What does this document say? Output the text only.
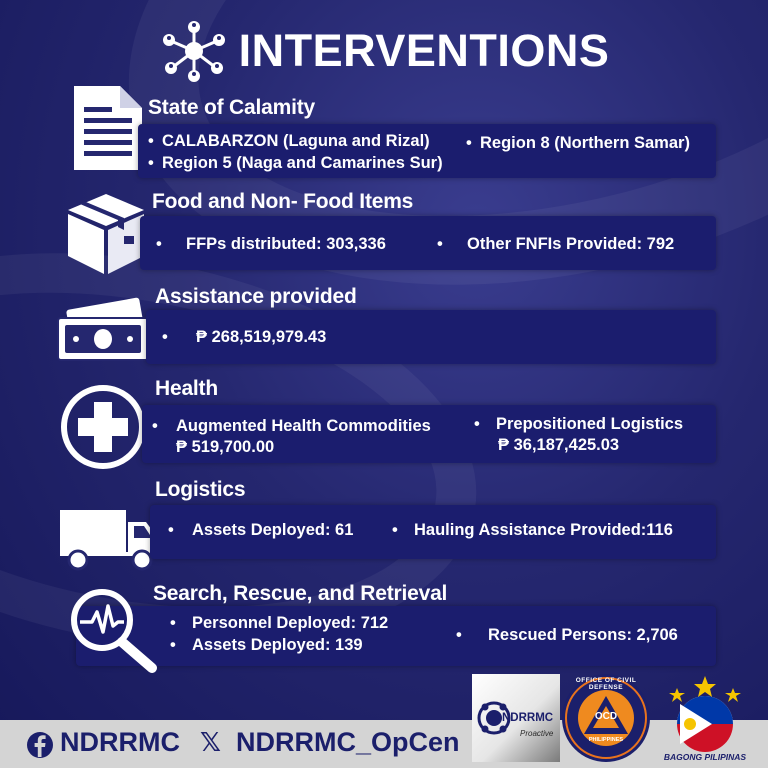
INTERVENTIONS
State of Calamity
• CALABARZON (Laguna and Rizal)
• Region 5 (Naga and Camarines Sur)
• Region 8 (Northern Samar)
Food and Non- Food Items
• FFPs distributed: 303,336	• Other FNFIs Provided: 792
Assistance provided
• ₱ 268,519,979.43
Health
• Augmented Health Commodities
₱ 519,700.00
• Prepositioned Logistics
₱ 36,187,425.03
Logistics
• Assets Deployed: 61 • Hauling Assistance Provided:116
Search, Rescue, and Retrieval
• Personnel Deployed: 712
• Assets Deployed: 139
• Rescued Persons: 2,706
NDRRMC 𝕏 NDRRMC_OpCen
NDRRMC
Proactive
OFFICE OF CIVIL DEFENSE
OCD
PHILIPPINES
BAGONG PILIPINAS
